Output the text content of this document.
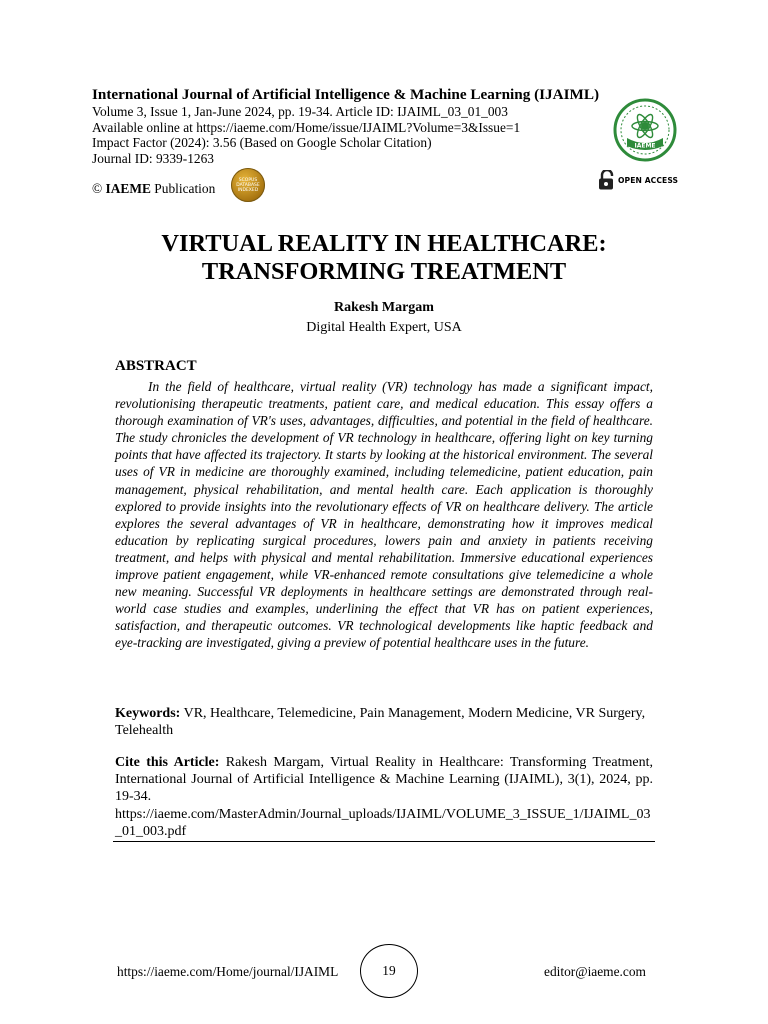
International Journal of Artificial Intelligence & Machine Learning (IJAIML)
Volume 3, Issue 1, Jan-June 2024, pp. 19-34. Article ID: IJAIML_03_01_003
Available online at https://iaeme.com/Home/issue/IJAIML?Volume=3&Issue=1
Impact Factor (2024): 3.56 (Based on Google Scholar Citation)
Journal ID: 9339-1263
© IAEME Publication
SCOPUS DATABASE INDEXED
IAEME
OPEN ACCESS
VIRTUAL REALITY IN HEALTHCARE:
TRANSFORMING TREATMENT
Rakesh Margam
Digital Health Expert, USA
ABSTRACT

In the field of healthcare, virtual reality (VR) technology has made a significant impact, revolutionising therapeutic treatments, patient care, and medical education. This essay offers a thorough examination of VR's uses, advantages, difficulties, and potential in the field of healthcare. The study chronicles the development of VR technology in healthcare, offering light on key turning points that have affected its trajectory. It starts by looking at the historical environment. The several uses of VR in medicine are thoroughly examined, including telemedicine, patient education, pain management, physical rehabilitation, and mental health care. Each application is thoroughly explored to provide insights into the revolutionary effects of VR on healthcare delivery. The article explores the several advantages of VR in healthcare, demonstrating how it improves medical education by replicating surgical procedures, lowers pain and anxiety in patients receiving treatment, and helps with physical and mental rehabilitation. Immersive educational experiences improve patient engagement, while VR-enhanced remote consultations give telemedicine a whole new meaning. Successful VR deployments in healthcare settings are demonstrated through real-world case studies and examples, underlining the effect that VR has on patient experiences, satisfaction, and therapeutic outcomes. VR technological developments like haptic feedback and eye-tracking are investigated, giving a preview of potential healthcare uses in the future.

Keywords: VR, Healthcare, Telemedicine, Pain Management, Modern Medicine, VR Surgery, Telehealth

Cite this Article: Rakesh Margam, Virtual Reality in Healthcare: Transforming Treatment, International Journal of Artificial Intelligence & Machine Learning (IJAIML), 3(1), 2024, pp. 19-34.
https://iaeme.com/MasterAdmin/Journal_uploads/IJAIML/VOLUME_3_ISSUE_1/IJAIML_03_01_003.pdf

https://iaeme.com/Home/journal/IJAIML	19	editor@iaeme.com
